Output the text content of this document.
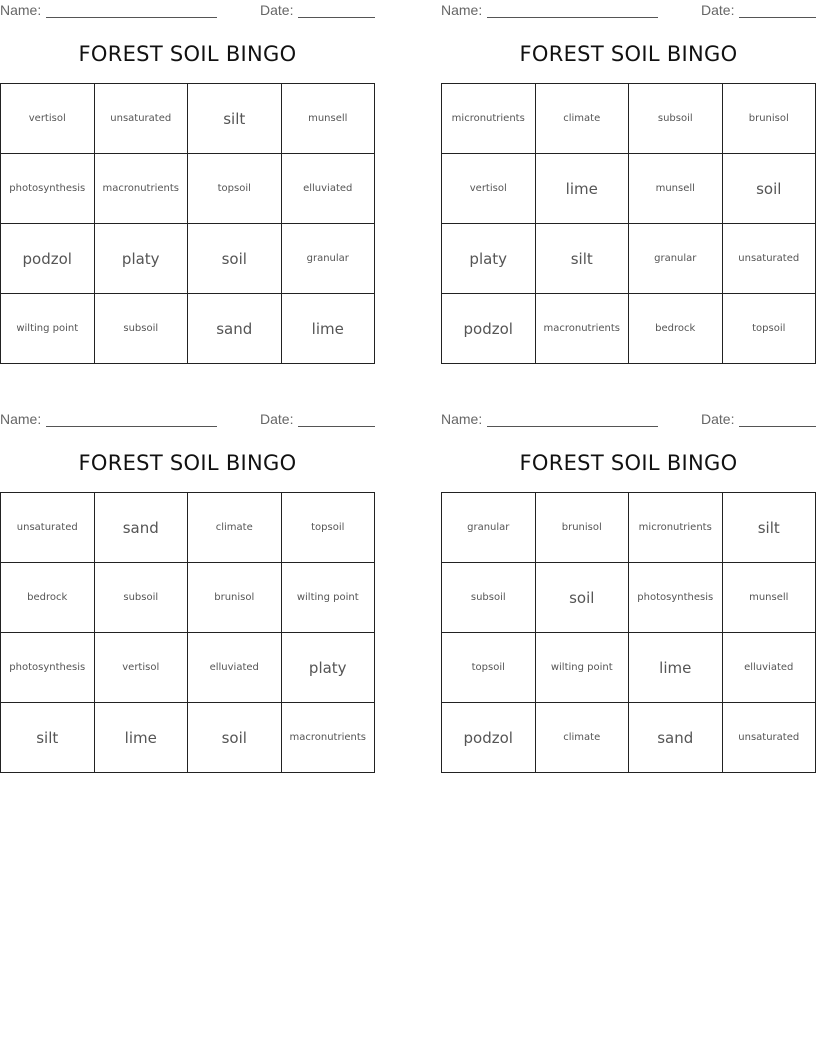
Name:	Date:
FOREST SOIL BINGO
vertisol	unsaturated	silt	munsell
photosynthesis	macronutrients	topsoil	elluviated
podzol	platy	soil	granular
wilting point	subsoil	sand	lime
Name:	Date:
FOREST SOIL BINGO
micronutrients	climate	subsoil	brunisol
vertisol	lime	munsell	soil
platy	silt	granular	unsaturated
podzol	macronutrients	bedrock	topsoil
Name:	Date:
FOREST SOIL BINGO
unsaturated	sand	climate	topsoil
bedrock	subsoil	brunisol	wilting point
photosynthesis	vertisol	elluviated	platy
silt	lime	soil	macronutrients
Name:	Date:
FOREST SOIL BINGO
granular	brunisol	micronutrients	silt
subsoil	soil	photosynthesis	munsell
topsoil	wilting point	lime	elluviated
podzol	climate	sand	unsaturated
